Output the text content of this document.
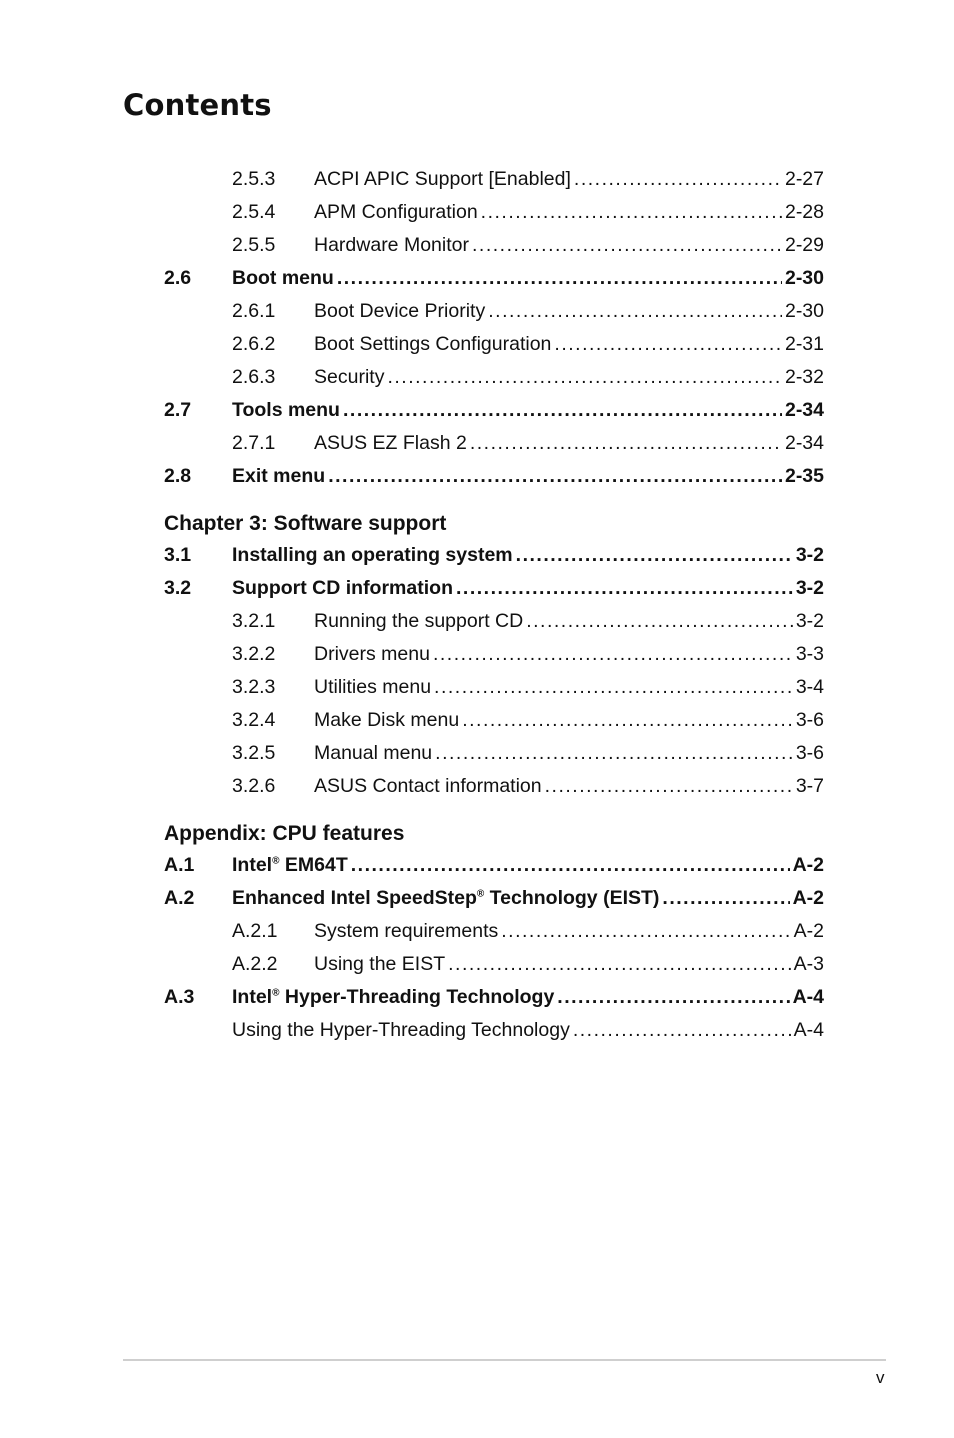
Contents
2.5.3	ACPI APIC Support [Enabled] .....	2-27
2.5.4	APM Configuration .....	2-28
2.5.5	Hardware Monitor .....	2-29
2.6	Boot menu .....	2-30
2.6.1	Boot Device Priority .....	2-30
2.6.2	Boot Settings Configuration .....	2-31
2.6.3	Security .....	2-32
2.7	Tools menu .....	2-34
2.7.1	ASUS EZ Flash 2 .....	2-34
2.8	Exit menu .....	2-35
Chapter 3: Software support
3.1	Installing an operating system .....	3-2
3.2	Support CD information .....	3-2
3.2.1	Running the support CD .....	3-2
3.2.2	Drivers menu .....	3-3
3.2.3	Utilities menu .....	3-4
3.2.4	Make Disk menu .....	3-6
3.2.5	Manual menu .....	3-6
3.2.6	ASUS Contact information .....	3-7
Appendix: CPU features
A.1	Intel® EM64T .....	A-2
A.2	Enhanced Intel SpeedStep® Technology (EIST) .....	A-2
A.2.1	System requirements .....	A-2
A.2.2	Using the EIST .....	A-3
A.3	Intel® Hyper-Threading Technology .....	A-4
Using the Hyper-Threading Technology .....	A-4
v
